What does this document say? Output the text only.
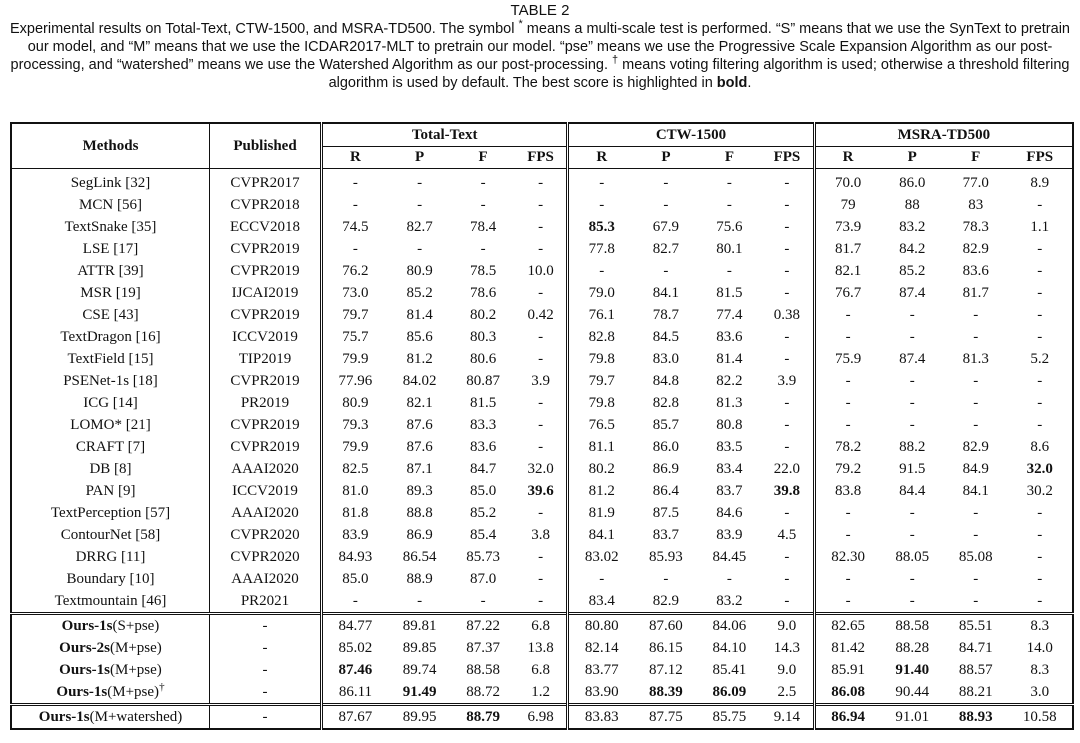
TABLE 2
Experimental results on Total-Text, CTW-1500, and MSRA-TD500. The symbol * means a multi-scale test is performed. “S” means that we use the SynText to pretrain our model, and “M” means that we use the ICDAR2017-MLT to pretrain our model. “pse” means we use the Progressive Scale Expansion Algorithm as our post-processing, and “watershed” means we use the Watershed Algorithm as our post-processing. † means voting filtering algorithm is used; otherwise a threshold filtering algorithm is used by default. The best score is highlighted in bold.
Methods	Published	Total-Text				CTW-1500				MSRA-TD500			
		R	P	F	FPS	R	P	F	FPS	R	P	F	FPS
SegLink [32]	CVPR2017	-	-	-	-	-	-	-	-	70.0	86.0	77.0	8.9
MCN [56]	CVPR2018	-	-	-	-	-	-	-	-	79	88	83	-
TextSnake [35]	ECCV2018	74.5	82.7	78.4	-	85.3	67.9	75.6	-	73.9	83.2	78.3	1.1
LSE [17]	CVPR2019	-	-	-	-	77.8	82.7	80.1	-	81.7	84.2	82.9	-
ATTR [39]	CVPR2019	76.2	80.9	78.5	10.0	-	-	-	-	82.1	85.2	83.6	-
MSR [19]	IJCAI2019	73.0	85.2	78.6	-	79.0	84.1	81.5	-	76.7	87.4	81.7	-
CSE [43]	CVPR2019	79.7	81.4	80.2	0.42	76.1	78.7	77.4	0.38	-	-	-	-
TextDragon [16]	ICCV2019	75.7	85.6	80.3	-	82.8	84.5	83.6	-	-	-	-	-
TextField [15]	TIP2019	79.9	81.2	80.6	-	79.8	83.0	81.4	-	75.9	87.4	81.3	5.2
PSENet-1s [18]	CVPR2019	77.96	84.02	80.87	3.9	79.7	84.8	82.2	3.9	-	-	-	-
ICG [14]	PR2019	80.9	82.1	81.5	-	79.8	82.8	81.3	-	-	-	-	-
LOMO* [21]	CVPR2019	79.3	87.6	83.3	-	76.5	85.7	80.8	-	-	-	-	-
CRAFT [7]	CVPR2019	79.9	87.6	83.6	-	81.1	86.0	83.5	-	78.2	88.2	82.9	8.6
DB [8]	AAAI2020	82.5	87.1	84.7	32.0	80.2	86.9	83.4	22.0	79.2	91.5	84.9	32.0
PAN [9]	ICCV2019	81.0	89.3	85.0	39.6	81.2	86.4	83.7	39.8	83.8	84.4	84.1	30.2
TextPerception [57]	AAAI2020	81.8	88.8	85.2	-	81.9	87.5	84.6	-	-	-	-	-
ContourNet [58]	CVPR2020	83.9	86.9	85.4	3.8	84.1	83.7	83.9	4.5	-	-	-	-
DRRG [11]	CVPR2020	84.93	86.54	85.73	-	83.02	85.93	84.45	-	82.30	88.05	85.08	-
Boundary [10]	AAAI2020	85.0	88.9	87.0	-	-	-	-	-	-	-	-	-
Textmountain [46]	PR2021	-	-	-	-	83.4	82.9	83.2	-	-	-	-	-
Ours-1s(S+pse)	-	84.77	89.81	87.22	6.8	80.80	87.60	84.06	9.0	82.65	88.58	85.51	8.3
Ours-2s(M+pse)	-	85.02	89.85	87.37	13.8	82.14	86.15	84.10	14.3	81.42	88.28	84.71	14.0
Ours-1s(M+pse)	-	87.46	89.74	88.58	6.8	83.77	87.12	85.41	9.0	85.91	91.40	88.57	8.3
Ours-1s(M+pse)†	-	86.11	91.49	88.72	1.2	83.90	88.39	86.09	2.5	86.08	90.44	88.21	3.0
Ours-1s(M+watershed)	-	87.67	89.95	88.79	6.98	83.83	87.75	85.75	9.14	86.94	91.01	88.93	10.58
